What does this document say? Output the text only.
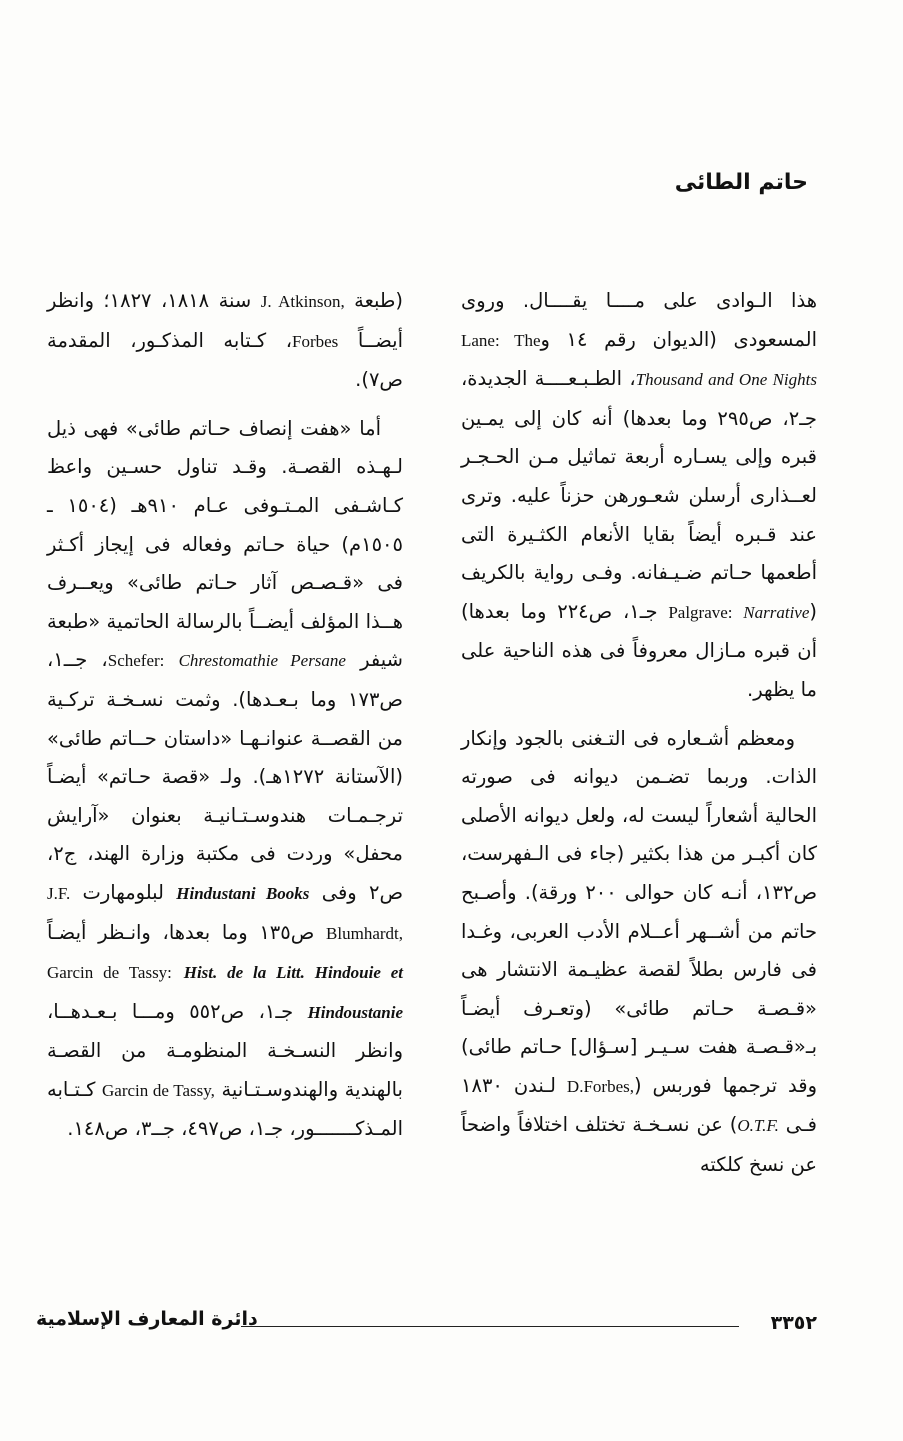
حاتم الطائى

هذا الـوادى على مــــا يقــــال. وروى المسعودى (الديوان رقم ١٤ وLane: The Thousand and One Nights، الطـبـعــــة الجديدة، جـ٢، ص٢٩٥ وما بعدها) أنه كان إلى يمـين قبره وإلى يسـاره أربعة تماثيل مـن الحـجـر لعــذارى أرسلن شعـورهن حزناً عليه. وترى عند قـبره أيضاً بقايا الأنعام الكثـيرة التى أطعمها حـاتم ضـيـفانه. وفـى رواية بالكريف (Palgrave: Narrative جـ١، ص٢٢٤ وما بعدها) أن قبره مـازال معروفاً فى هذه الناحية على ما يظهر.

ومعظم أشـعاره فى التـغنى بالجود وإنكار الذات. وربما تضـمن ديوانه فى صورته الحالية أشعاراً ليست له، ولعل ديوانه الأصلى كان أكبـر من هذا بكثير (جاء فى الـفهرست، ص١٣٢، أنـه كان حوالى ٢٠٠ ورقة). وأصـبح حاتم من أشــهر أعــلام الأدب العربى، وغـدا فى فارس بطلاً لقصة عظيـمة الانتشار هى «قـصـة حـاتم طائى» (وتعـرف أيضـاً بـ«قـصـة هفت سـيـر [سـؤال] حـاتم طائى) وقد ترجمها فوربس (D.Forbes, لـندن ١٨٣٠ فـى O.T.F.) عن نسـخـة تختلف اختلافاً واضحاً عن نسخ كلكته

(طبعة J. Atkinson, سنة ١٨١٨، ١٨٢٧؛ وانظر أيضــاً Forbes، كـتابه المذكـور، المقدمة ص٧).

أما «هفت إنصاف حـاتم طائى» فهى ذيل لـهـذه القصـة. وقـد تناول حسـين واعظ كـاشـفى المـتـوفى عـام ٩١٠هـ (١٥٠٤ ـ ١٥٠٥م) حياة حـاتم وفعاله فى إيجاز أكـثر فى «قـصـص آثار حـاتم طائى» ويعــرف هــذا المؤلف أيضــاً بالرسالة الحاتمية «طبعة شيفر Schefer: Chrestomathie Persane، جــ١، ص١٧٣ وما بـعـدها). وثمت نسـخـة تركـية من القصــة عنوانـهـا «داستان حــاتم طائى» (الآستانة ١٢٧٢هـ). ولـ «قصة حـاتم» أيضـاً ترجـمـات هندوسـتـانيـة بعنوان «آرايش محفل» وردت فى مكتبة وزارة الهند، ج٢، ص٢ وفى Hindustani Books لبلومهارت J.F. Blumhardt, ص١٣٥ وما بعدها، وانـظر أيضـاً Garcin de Tassy: Hist. de la Litt. Hindouie et Hindoustanie جـ١، ص٥٥٢ ومـــا بـعـدهــا، وانظر النسـخـة المنظومـة من القصـة بالهندية والهندوسـتـانية Garcin de Tassy, كـتـابه المـذكـــــــور، جـ١، ص٤٩٧، جــ٣، ص١٤٨.

٣٣٥٢
دائرة المعارف الإسلامية
